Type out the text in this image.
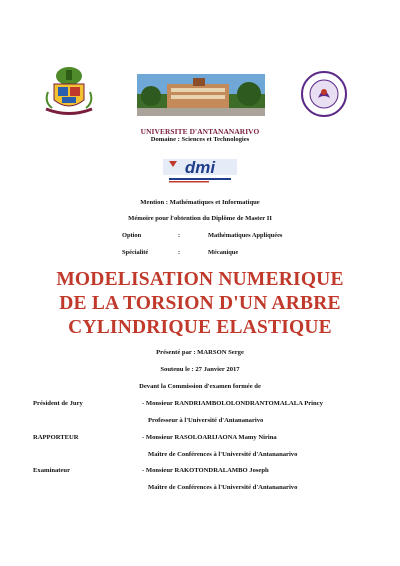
UNIVERSITE D'ANTANANARIVO
Domaine : Sciences et Technologies
dmi
Mention : Mathématiques et Informatique
Mémoire pour l'obtention du Diplôme de Master II
Option	:	Mathématiques Appliquées
Spécialité	:	Mécanique
MODELISATION NUMERIQUE
DE LA TORSION D'UN ARBRE
CYLINDRIQUE ELASTIQUE
Présenté par : MARSON Serge
Soutenu le : 27 Janvier 2017
Devant la Commission d'examen formée de
Président de Jury	- Monsieur RANDRIAMBOLOLONDRANTOMALALA Princy
Professeur à l'Université d'Antananarivo
RAPPORTEUR	- Monsieur RASOLOARIJAONA Mamy Nirina
Maître de Conférences à l'Université d'Antananarivo
Examinateur	- Monsieur RAKOTONDRALAMBO Joseph
Maître de Conférences à l'Université d'Antananarivo
